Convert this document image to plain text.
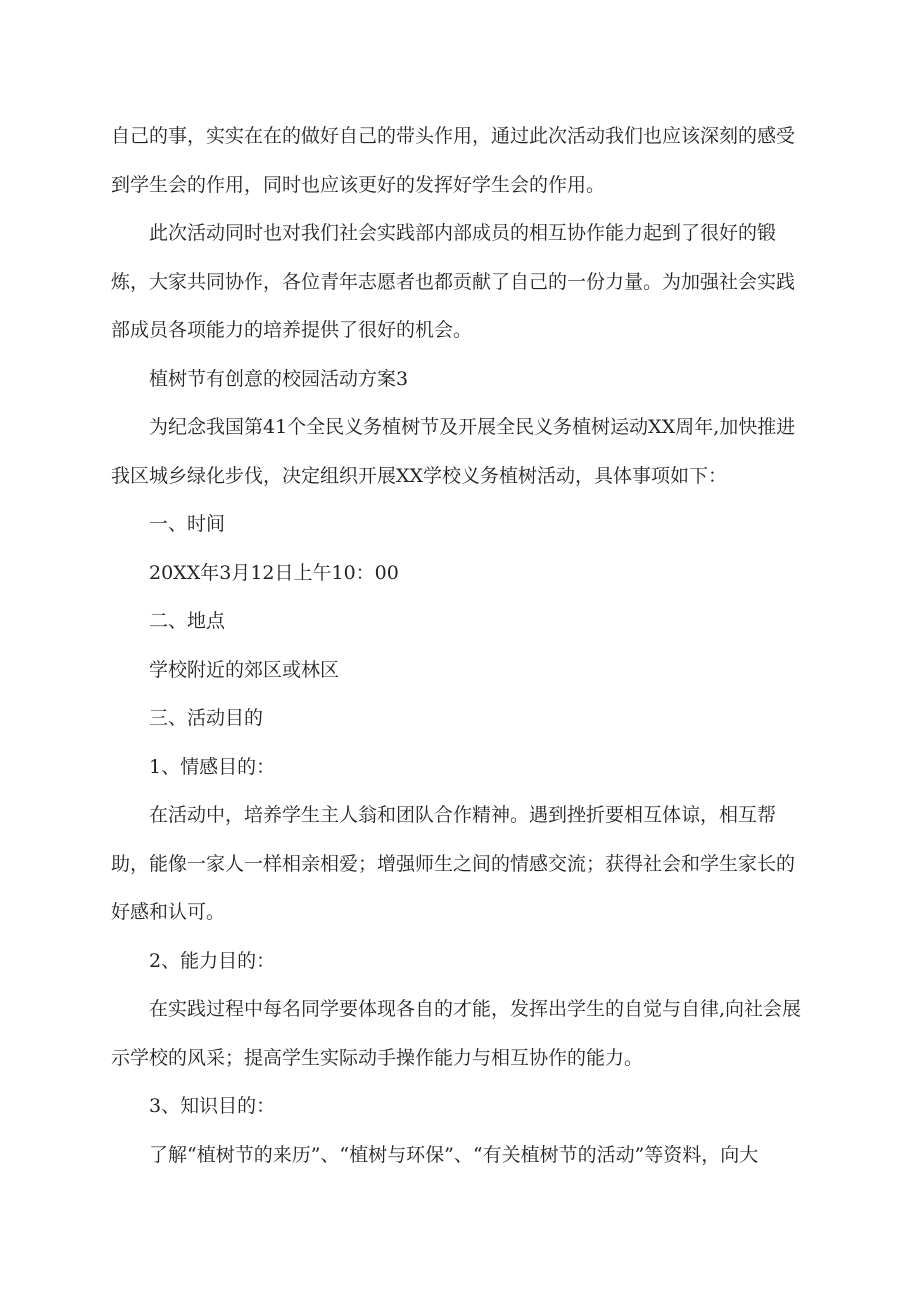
自己的事，实实在在的做好自己的带头作用，通过此次活动我们也应该深刻的感受到学生会的作用，同时也应该更好的发挥好学生会的作用。

此次活动同时也对我们社会实践部内部成员的相互协作能力起到了很好的锻炼，大家共同协作，各位青年志愿者也都贡献了自己的一份力量。为加强社会实践部成员各项能力的培养提供了很好的机会。

植树节有创意的校园活动方案3

为纪念我国第41个全民义务植树节及开展全民义务植树运动XX周年,加快推进我区城乡绿化步伐，决定组织开展XX学校义务植树活动，具体事项如下：

一、时间

20XX年3月12日上午10：00

二、地点

学校附近的郊区或林区

三、活动目的

1、情感目的：

在活动中，培养学生主人翁和团队合作精神。遇到挫折要相互体谅，相互帮助，能像一家人一样相亲相爱；增强师生之间的情感交流；获得社会和学生家长的好感和认可。

2、能力目的：

在实践过程中每名同学要体现各自的才能，发挥出学生的自觉与自律,向社会展示学校的风采；提高学生实际动手操作能力与相互协作的能力。

3、知识目的：

了解“植树节的来历”、“植树与环保”、“有关植树节的活动”等资料，向大
